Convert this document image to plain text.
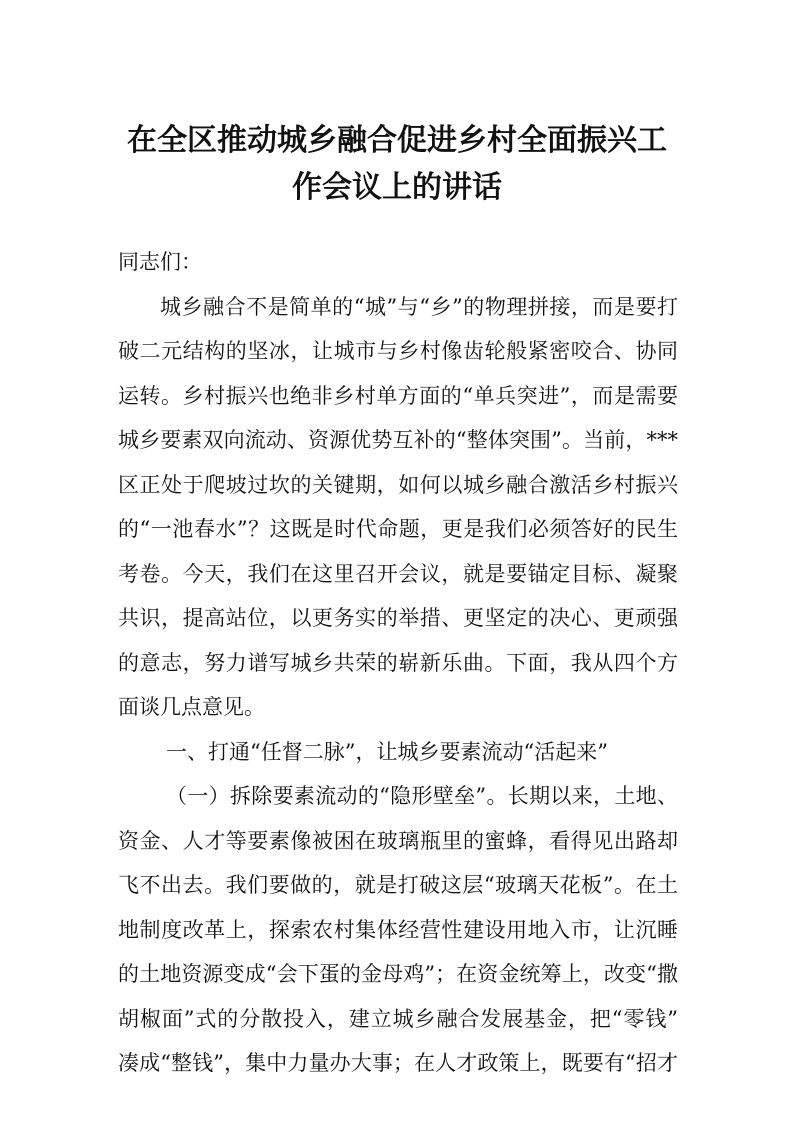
在全区推动城乡融合促进乡村全面振兴工
作会议上的讲话
同志们：
城乡融合不是简单的“城”与“乡”的物理拼接，而是要打
破二元结构的坚冰，让城市与乡村像齿轮般紧密咬合、协同
运转。乡村振兴也绝非乡村单方面的“单兵突进”，而是需要
城乡要素双向流动、资源优势互补的“整体突围”。当前，***
区正处于爬坡过坎的关键期，如何以城乡融合激活乡村振兴
的“一池春水”？这既是时代命题，更是我们必须答好的民生
考卷。今天，我们在这里召开会议，就是要锚定目标、凝聚
共识，提高站位，以更务实的举措、更坚定的决心、更顽强
的意志，努力谱写城乡共荣的崭新乐曲。下面，我从四个方
面谈几点意见。
一、打通“任督二脉”，让城乡要素流动“活起来”
（一）拆除要素流动的“隐形壁垒”。长期以来，土地、
资金、人才等要素像被困在玻璃瓶里的蜜蜂，看得见出路却
飞不出去。我们要做的，就是打破这层“玻璃天花板”。在土
地制度改革上，探索农村集体经营性建设用地入市，让沉睡
的土地资源变成“会下蛋的金母鸡”；在资金统筹上，改变“撒
胡椒面”式的分散投入，建立城乡融合发展基金，把“零钱”
凑成“整钱”，集中力量办大事；在人才政策上，既要有“招才
